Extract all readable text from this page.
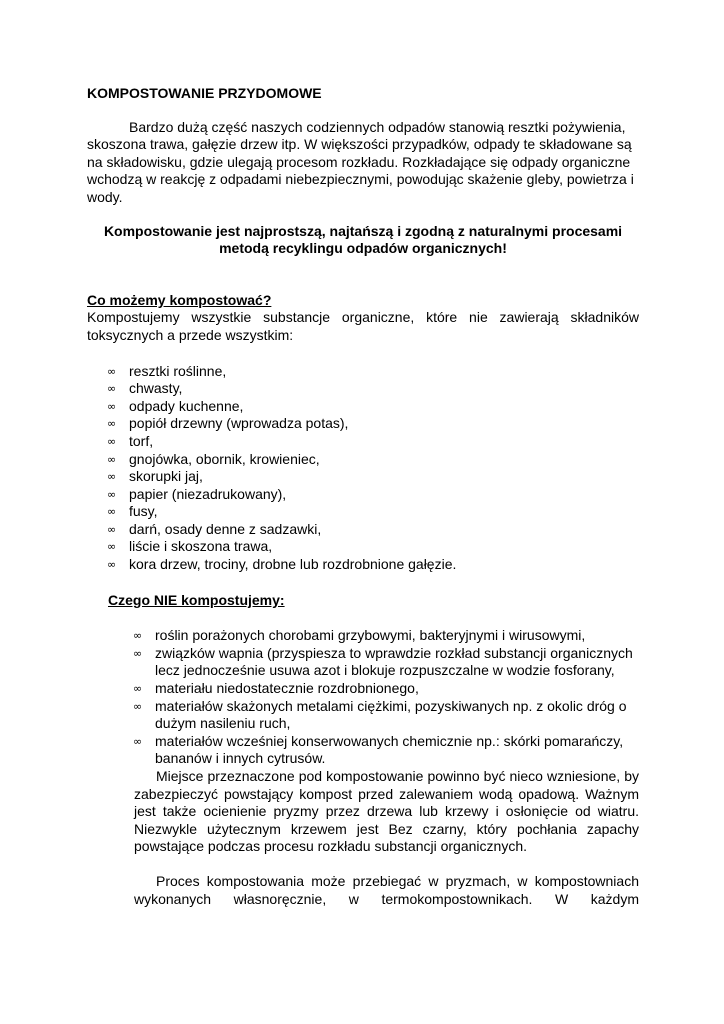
KOMPOSTOWANIE PRZYDOMOWE

Bardzo dużą część naszych codziennych odpadów stanowią resztki pożywienia, skoszona trawa, gałęzie drzew itp. W większości przypadków, odpady te składowane są na składowisku, gdzie ulegają procesom rozkładu. Rozkładające się odpady organiczne wchodzą w reakcję z odpadami niebezpiecznymi, powodując skażenie gleby, powietrza i wody.

Kompostowanie jest najprostszą, najtańszą i zgodną z naturalnymi procesami
metodą recyklingu odpadów organicznych!

Co możemy kompostować?

Kompostujemy wszystkie substancje organiczne, które nie zawierają składników toksycznych a przede wszystkim:

∞ resztki roślinne,
∞ chwasty,
∞ odpady kuchenne,
∞ popiół drzewny (wprowadza potas),
∞ torf,
∞ gnojówka, obornik, krowieniec,
∞ skorupki jaj,
∞ papier (niezadrukowany),
∞ fusy,
∞ darń, osady denne z sadzawki,
∞ liście i skoszona trawa,
∞ kora drzew, trociny, drobne lub rozdrobnione gałęzie.

Czego NIE kompostujemy:

∞ roślin porażonych chorobami grzybowymi, bakteryjnymi i wirusowymi,
∞ związków wapnia (przyspiesza to wprawdzie rozkład substancji organicznych lecz jednocześnie usuwa azot i blokuje rozpuszczalne w wodzie fosforany,
∞ materiału niedostatecznie rozdrobnionego,
∞ materiałów skażonych metalami ciężkimi, pozyskiwanych np. z okolic dróg o dużym nasileniu ruch,
∞ materiałów wcześniej konserwowanych chemicznie np.: skórki pomarańczy, bananów i innych cytrusów.

Miejsce przeznaczone pod kompostowanie powinno być nieco wzniesione, by zabezpieczyć powstający kompost przed zalewaniem wodą opadową. Ważnym jest także ocienienie pryzmy przez drzewa lub krzewy i osłonięcie od wiatru. Niezwykle użytecznym krzewem jest Bez czarny, który pochłania zapachy powstające podczas procesu rozkładu substancji organicznych.

Proces kompostowania może przebiegać w pryzmach, w kompostowniach wykonanych własnoręcznie, w termokompostownikach. W każdym
